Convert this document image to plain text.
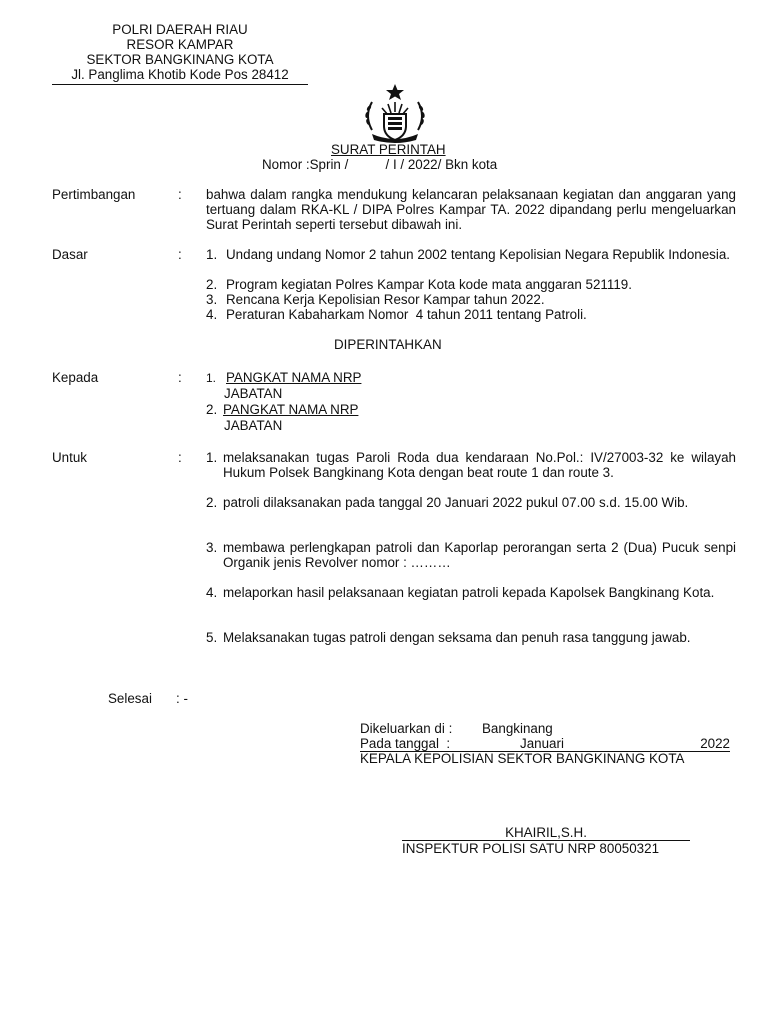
POLRI DAERAH RIAU
RESOR KAMPAR
SEKTOR BANGKINANG KOTA
Jl. Panglima Khotib Kode Pos 28412
SURAT PERINTAH
Nomor :Sprin /          / I / 2022/ Bkn kota
Pertimbangan	: bahwa dalam rangka mendukung kelancaran pelaksanaan kegiatan dan anggaran yang tertuang dalam RKA-KL / DIPA Polres Kampar TA. 2022 dipandang perlu mengeluarkan Surat Perintah seperti tersebut dibawah ini.
Dasar	: 1. Undang undang Nomor 2 tahun 2002 tentang Kepolisian Negara Republik Indonesia.
2. Program kegiatan Polres Kampar Kota kode mata anggaran 521119.
3. Rencana Kerja Kepolisian Resor Kampar tahun 2022.
4. Peraturan Kabaharkam Nomor  4 tahun 2011 tentang Patroli.
DIPERINTAHKAN
Kepada	: 1. PANGKAT NAMA NRP
JABATAN
2. PANGKAT NAMA NRP
JABATAN
Untuk	: 1. melaksanakan tugas Paroli Roda dua kendaraan No.Pol.: IV/27003-32 ke wilayah Hukum Polsek Bangkinang Kota dengan beat route 1 dan route 3.
2. patroli dilaksanakan pada tanggal 20 Januari 2022 pukul 07.00 s.d. 15.00 Wib.
3. membawa perlengkapan patroli dan Kaporlap perorangan serta 2 (Dua) Pucuk senpi Organik jenis Revolver nomor : ………
4. melaporkan hasil pelaksanaan kegiatan patroli kepada Kapolsek Bangkinang Kota.
5. Melaksanakan tugas patroli dengan seksama dan penuh rasa tanggung jawab.
Selesai : -
Dikeluarkan di : Bangkinang
Pada tanggal  :	Januari	2022
KEPALA KEPOLISIAN SEKTOR BANGKINANG KOTA
KHAIRIL,S.H.
INSPEKTUR POLISI SATU NRP 80050321
